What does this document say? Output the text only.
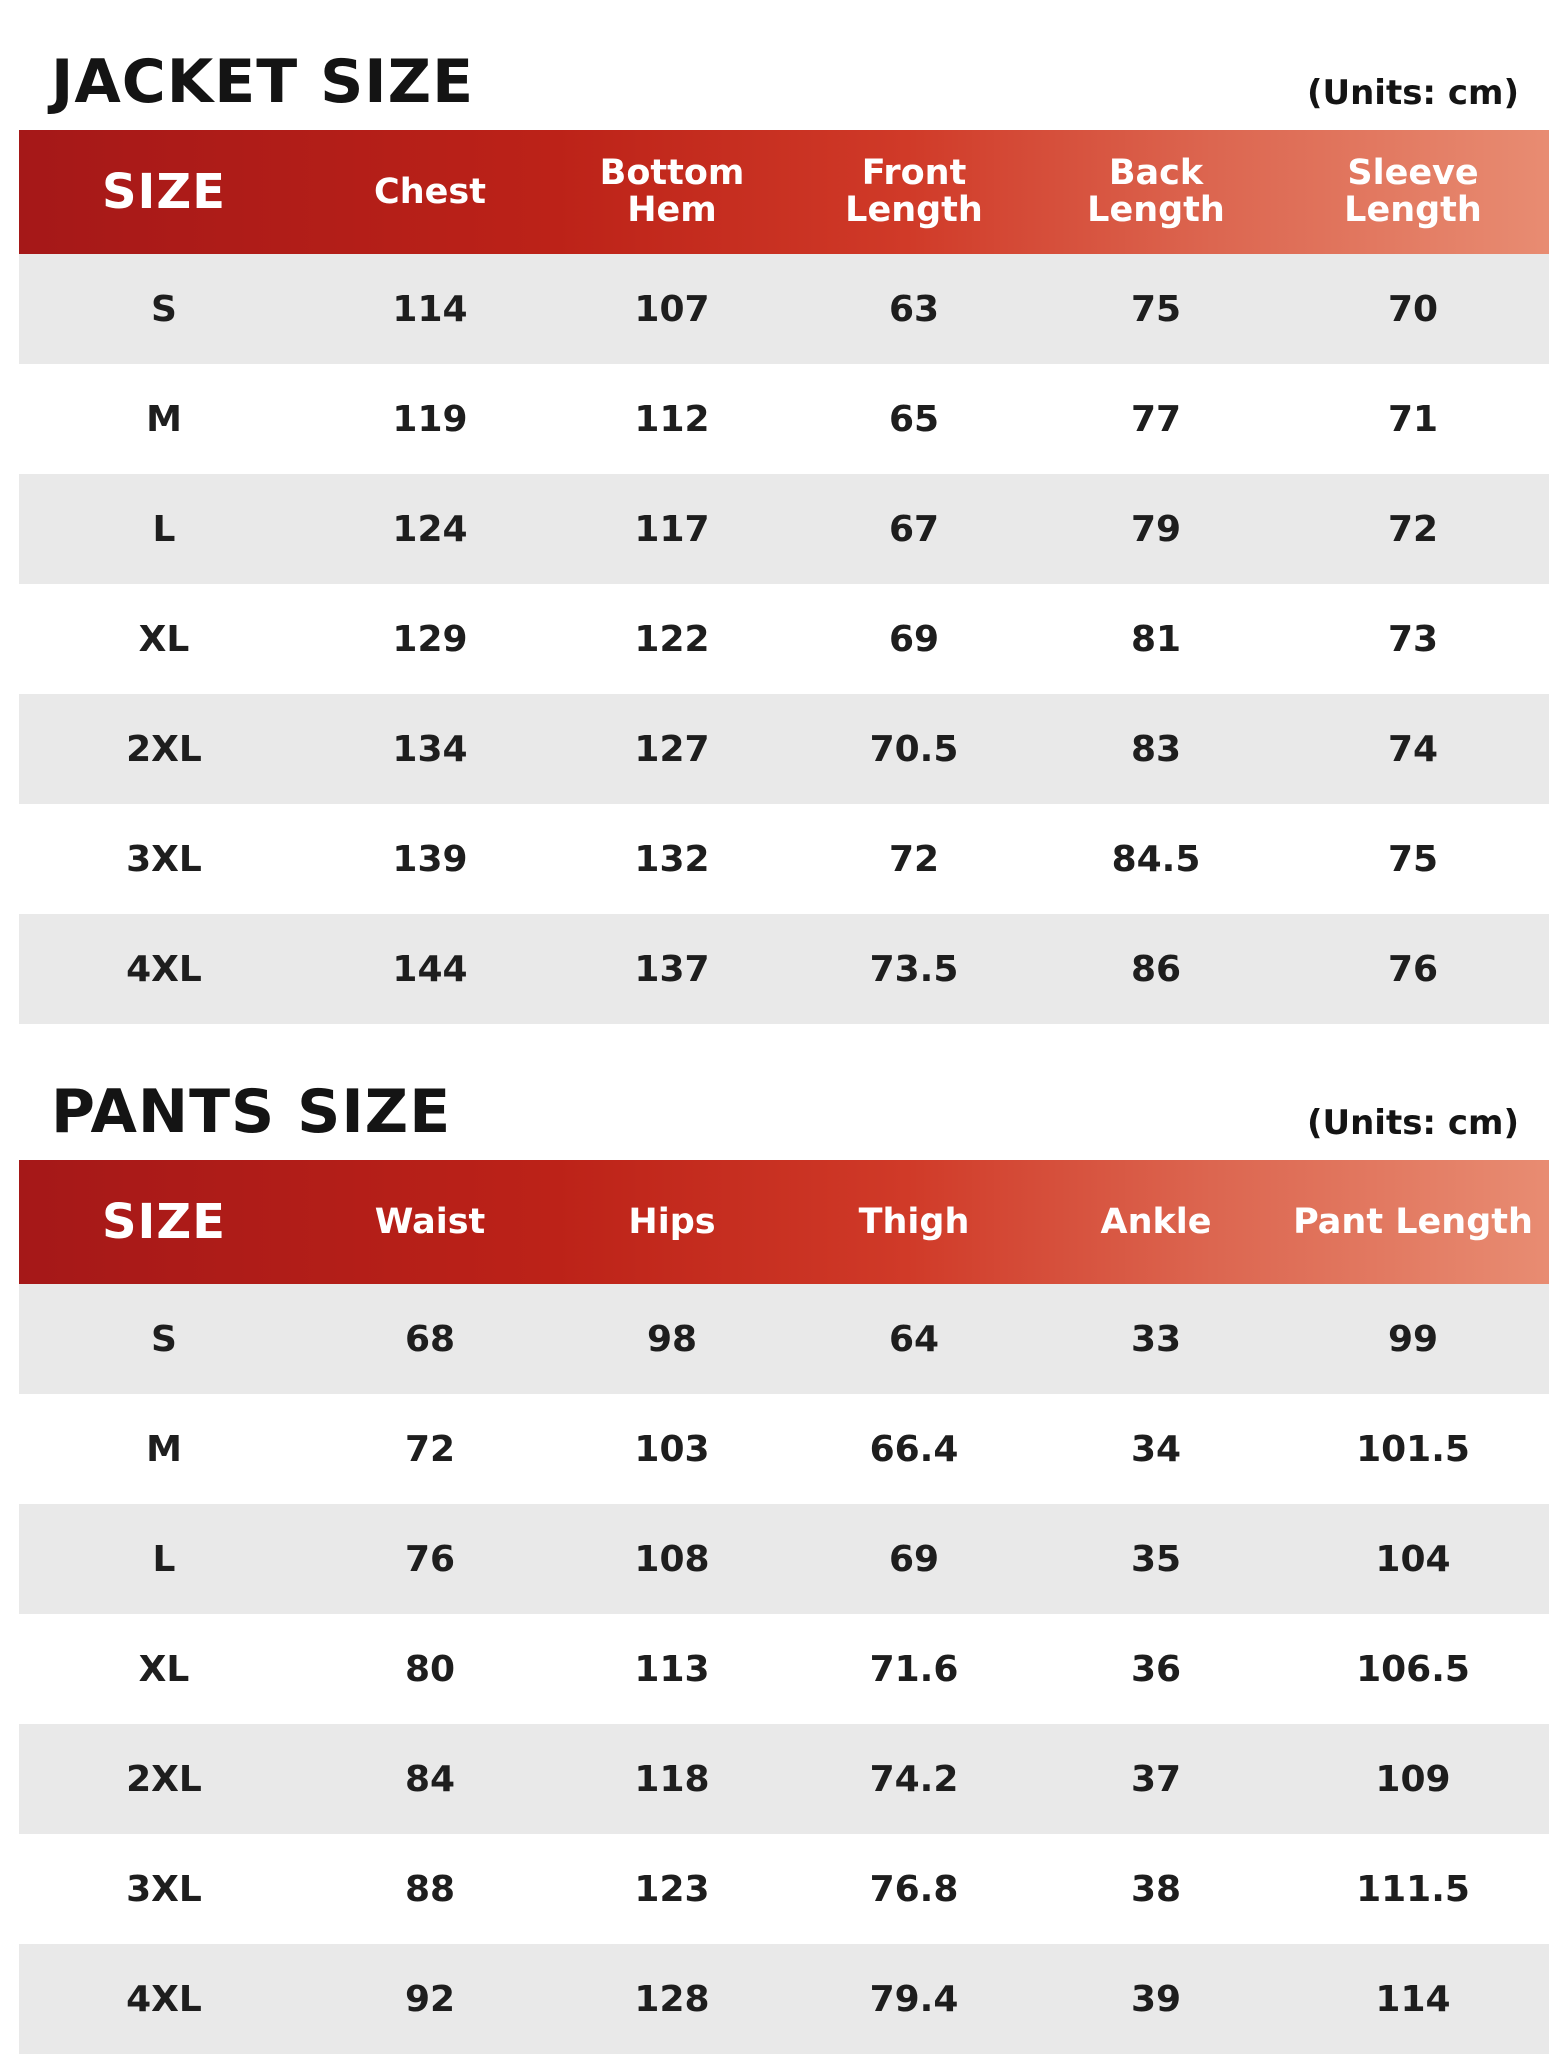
JACKET SIZE	(Units: cm)
SIZE	Chest	Bottom Hem	Front Length	Back Length	Sleeve Length
S	114	107	63	75	70
M	119	112	65	77	71
L	124	117	67	79	72
XL	129	122	69	81	73
2XL	134	127	70.5	83	74
3XL	139	132	72	84.5	75
4XL	144	137	73.5	86	76
PANTS SIZE	(Units: cm)
SIZE	Waist	Hips	Thigh	Ankle	Pant Length
S	68	98	64	33	99
M	72	103	66.4	34	101.5
L	76	108	69	35	104
XL	80	113	71.6	36	106.5
2XL	84	118	74.2	37	109
3XL	88	123	76.8	38	111.5
4XL	92	128	79.4	39	114
